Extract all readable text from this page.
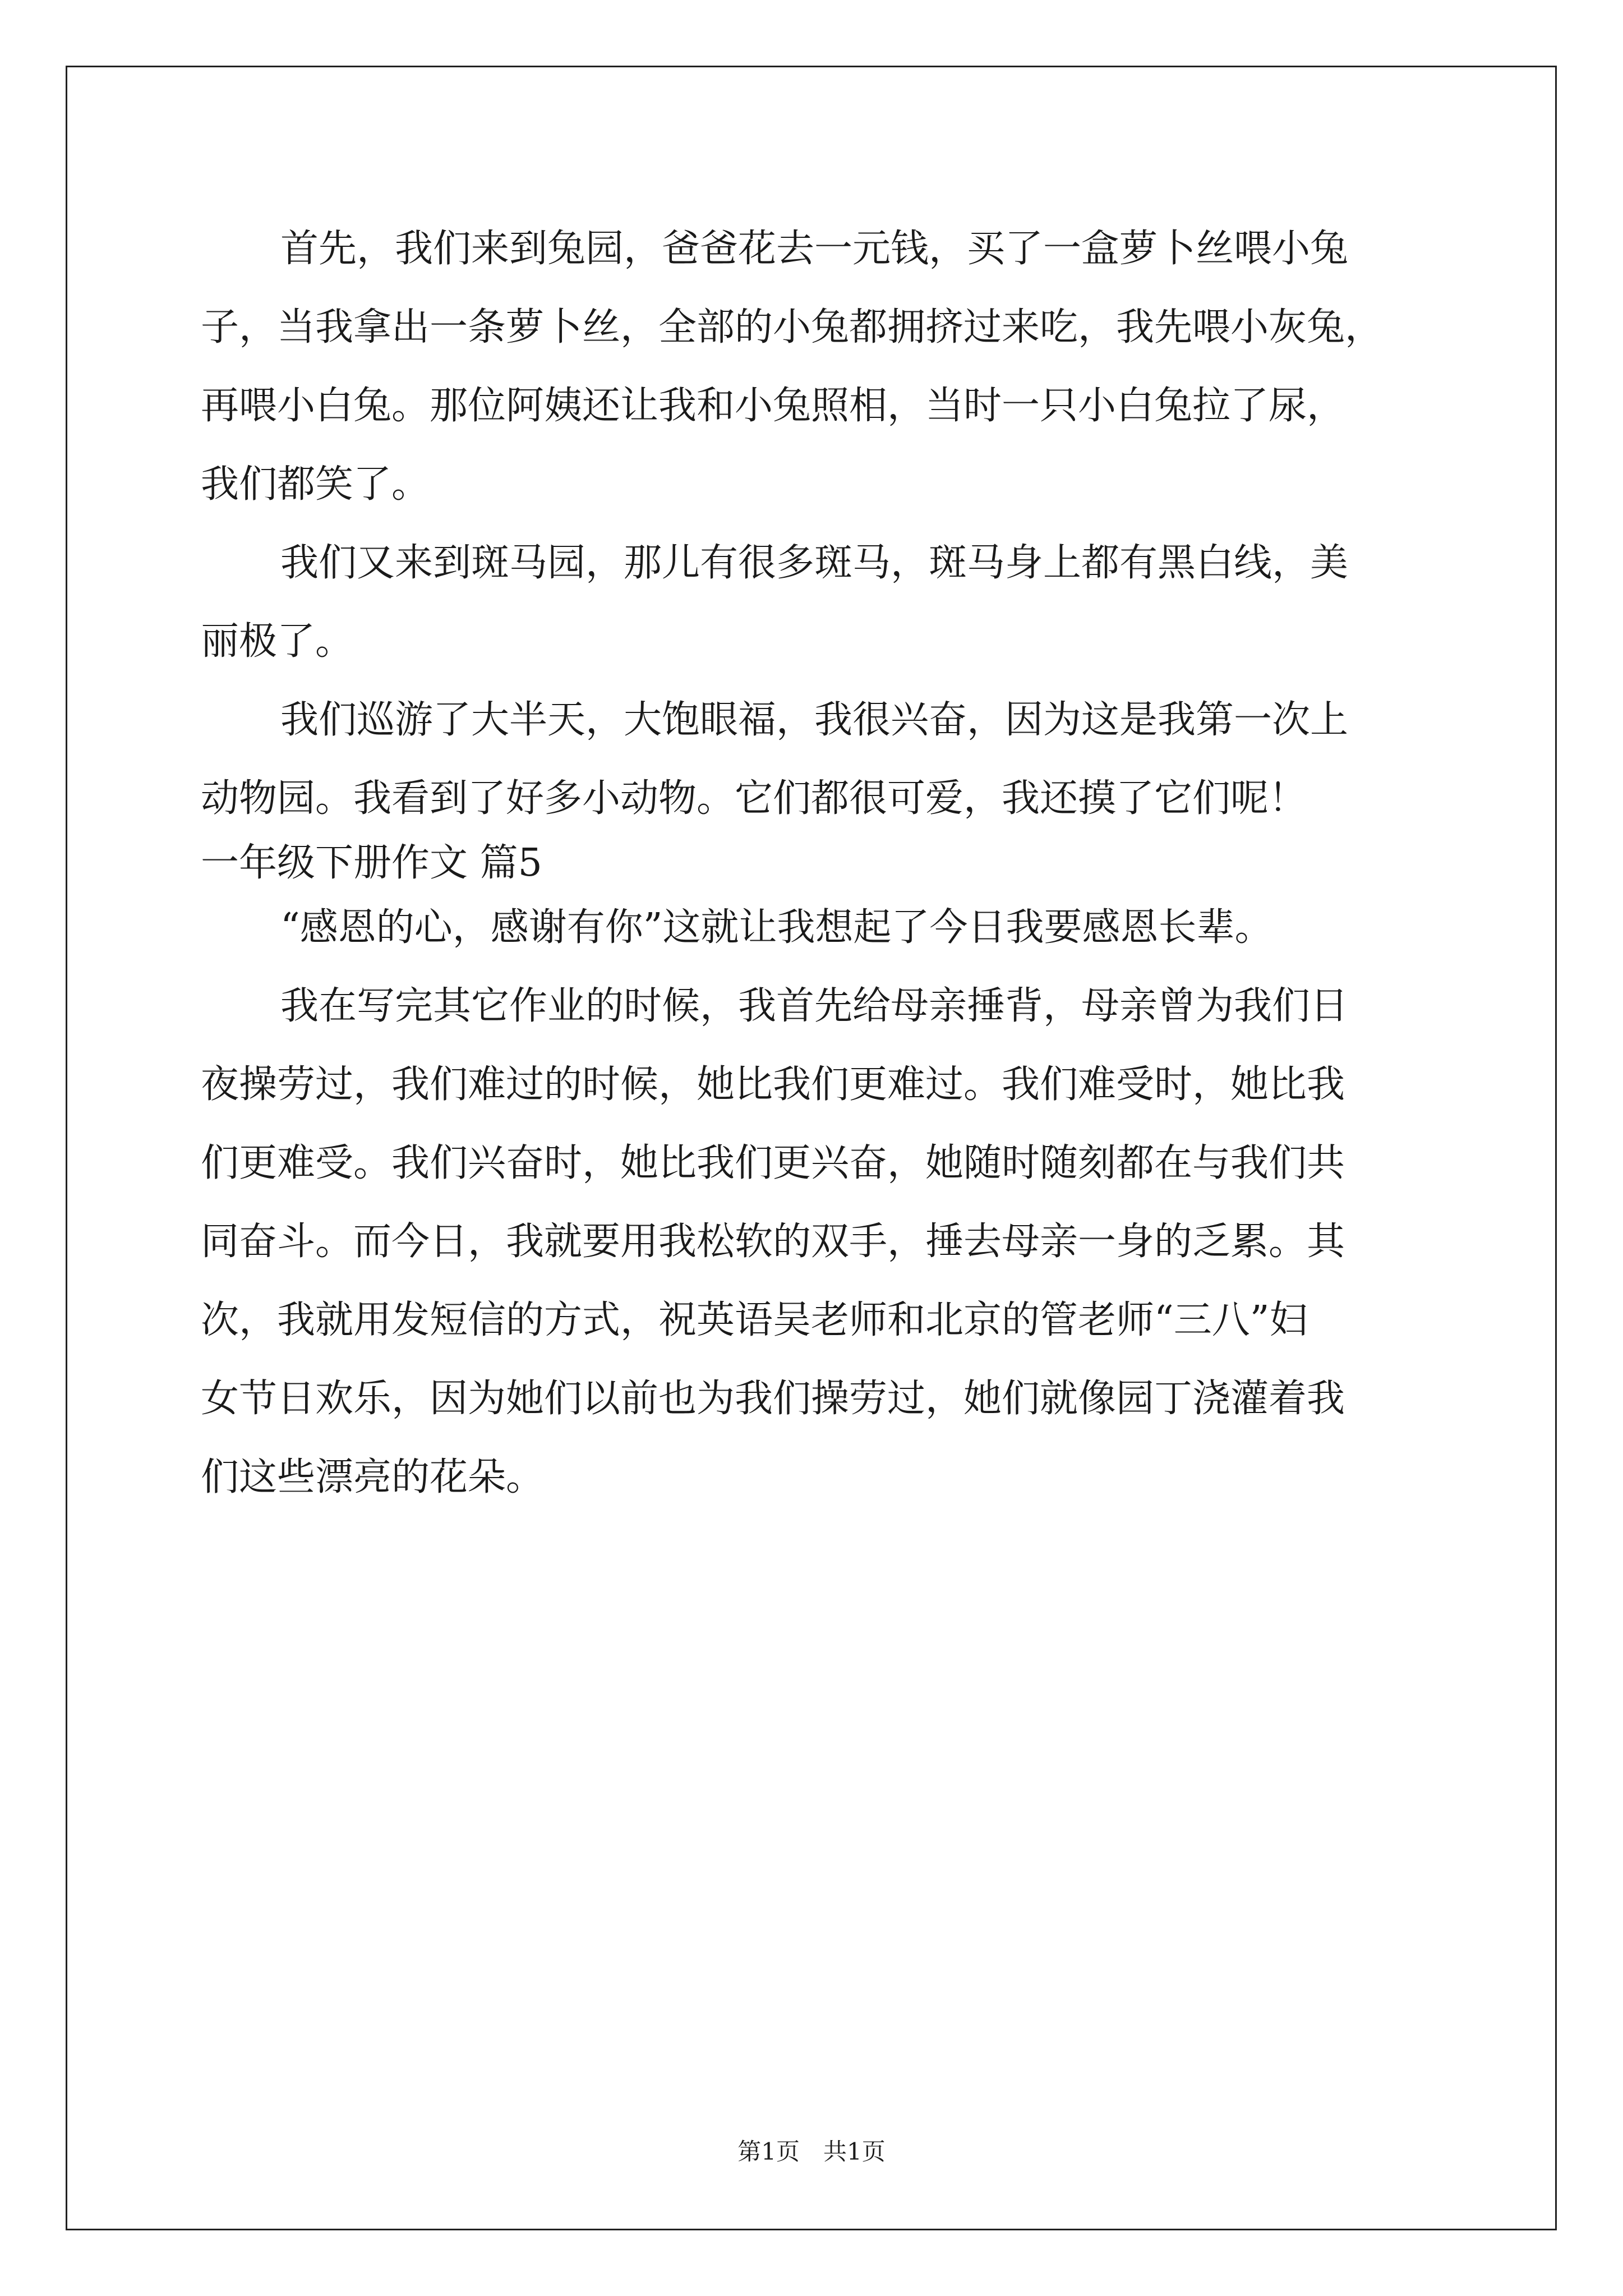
首先，我们来到兔园，爸爸花去一元钱，买了一盒萝卜丝喂小兔
子，当我拿出一条萝卜丝，全部的小兔都拥挤过来吃，我先喂小灰兔，
再喂小白兔。那位阿姨还让我和小兔照相，当时一只小白兔拉了尿，
我们都笑了。
我们又来到斑马园，那儿有很多斑马，斑马身上都有黑白线，美
丽极了。
我们巡游了大半天，大饱眼福，我很兴奋，因为这是我第一次上
动物园。我看到了好多小动物。它们都很可爱，我还摸了它们呢！
一年级下册作文 篇5
“感恩的心，感谢有你”这就让我想起了今日我要感恩长辈。
我在写完其它作业的时候，我首先给母亲捶背，母亲曾为我们日
夜操劳过，我们难过的时候，她比我们更难过。我们难受时，她比我
们更难受。我们兴奋时，她比我们更兴奋，她随时随刻都在与我们共
同奋斗。而今日，我就要用我松软的双手，捶去母亲一身的乏累。其
次，我就用发短信的方式，祝英语吴老师和北京的管老师“三八”妇
女节日欢乐，因为她们以前也为我们操劳过，她们就像园丁浇灌着我
们这些漂亮的花朵。
第1页　共1页
